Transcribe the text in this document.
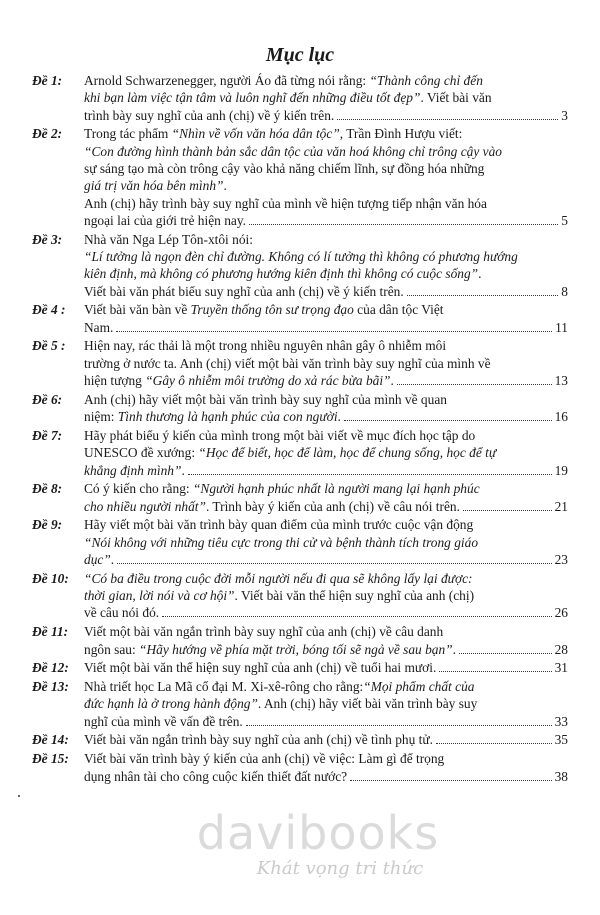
Mục lục
Đề 1:	Arnold Schwarzenegger, người Áo đã từng nói rằng: “Thành công chỉ đến
khi bạn làm việc tận tâm và luôn nghĩ đến những điều tốt đẹp”. Viết bài văn
trình bày suy nghĩ của anh (chị) về ý kiến trên.	3
Đề 2:	Trong tác phẩm “Nhìn về vốn văn hóa dân tộc”, Trần Đình Hượu viết:
“Con đường hình thành bản sắc dân tộc của văn hoá không chỉ trông cậy vào
sự sáng tạo mà còn trông cậy vào khả năng chiếm lĩnh, sự đồng hóa những
giá trị văn hóa bên mình”.
Anh (chị) hãy trình bày suy nghĩ của mình về hiện tượng tiếp nhận văn hóa
ngoại lai của giới trẻ hiện nay.	5
Đề 3:	Nhà văn Nga Lép Tôn-xtôi nói:
“Lí tưởng là ngọn đèn chỉ đường. Không có lí tưởng thì không có phương hướng
kiên định, mà không có phương hướng kiên định thì không có cuộc sống”.
Viết bài văn phát biểu suy nghĩ của anh (chị) về ý kiến trên.	8
Đề 4 :	Viết bài văn bàn về Truyền thống tôn sư trọng đạo của dân tộc Việt
Nam.	11
Đề 5 :	Hiện nay, rác thải là một trong nhiều nguyên nhân gây ô nhiễm môi
trường ở nước ta. Anh (chị) viết một bài văn trình bày suy nghĩ của mình về
hiện tượng “Gây ô nhiễm môi trường do xả rác bừa bãi”.	13
Đề 6:	Anh (chị) hãy viết một bài văn trình bày suy nghĩ của mình về quan
niệm: Tình thương là hạnh phúc của con người.	16
Đề 7:	Hãy phát biểu ý kiến của mình trong một bài viết về mục đích học tập do
UNESCO đề xướng: “Học để biết, học để làm, học để chung sống, học để tự
khẳng định mình”.	19
Đề 8:	Có ý kiến cho rằng: “Người hạnh phúc nhất là người mang lại hạnh phúc
cho nhiều người nhất”. Trình bày ý kiến của anh (chị) về câu nói trên.	21
Đề 9:	Hãy viết một bài văn trình bày quan điểm của mình trước cuộc vận động
“Nói không với những tiêu cực trong thi cử và bệnh thành tích trong giáo
dục”.	23
Đề 10:	“Có ba điều trong cuộc đời mỗi người nếu đi qua sẽ không lấy lại được:
thời gian, lời nói và cơ hội”. Viết bài văn thể hiện suy nghĩ của anh (chị)
về câu nói đó.	26
Đề 11:	Viết một bài văn ngắn trình bày suy nghĩ của anh (chị) về câu danh
ngôn sau: “Hãy hướng về phía mặt trời, bóng tối sẽ ngả về sau bạn”.	28
Đề 12:	Viết một bài văn thể hiện suy nghĩ của anh (chị) về tuổi hai mươi.	31
Đề 13:	Nhà triết học La Mã cổ đại M. Xi-xê-rông cho rằng:“Mọi phẩm chất của
đức hạnh là ở trong hành động”. Anh (chị) hãy viết bài văn trình bày suy
nghĩ của mình về vấn đề trên.	33
Đề 14:	Viết bài văn ngắn trình bày suy nghĩ của anh (chị) về tình phụ tử.	35
Đề 15:	Viết bài văn trình bày ý kiến của anh (chị) về việc: Làm gì để trọng
dụng nhân tài cho công cuộc kiến thiết đất nước?	38
davibooks
Khát vọng tri thức
